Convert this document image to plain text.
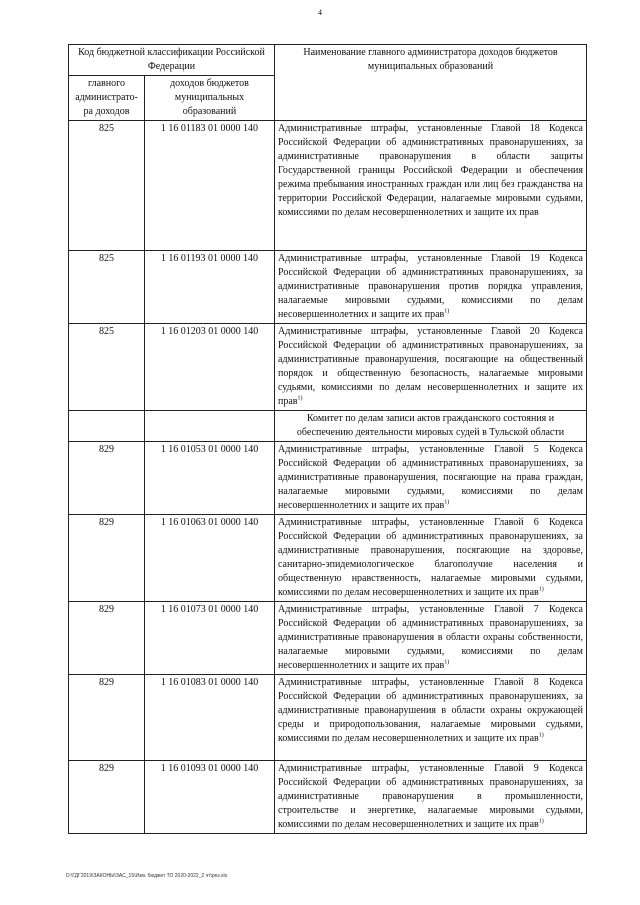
4
Код бюджетной классификации Российской Федерации		Наименование главного администратора доходов бюджетов муниципальных образований
главного администрато-ра доходов	доходов бюджетов муниципальных образований	
825	1 16 01183 01 0000 140	Административные штрафы, установленные Главой 18 Кодекса Российской Федерации об административных правонарушениях, за административные правонарушения в области защиты Государственной границы Российской Федерации и обеспечения режима пребывания иностранных граждан или лиц без гражданства на территории Российской Федерации, налагаемые мировыми судьями, комиссиями по делам несовершеннолетних и защите их прав
825	1 16 01193 01 0000 140	Административные штрафы, установленные Главой 19 Кодекса Российской Федерации об административных правонарушениях, за административные правонарушения против порядка управления, налагаемые мировыми судьями, комиссиями по делам несовершеннолетних и защите их прав$^{1)}$
825	1 16 01203 01 0000 140	Административные штрафы, установленные Главой 20 Кодекса Российской Федерации об административных правонарушениях, за административные правонарушения, посягающие на общественный порядок и общественную безопасность, налагаемые мировыми судьями, комиссиями по делам несовершеннолетних и защите их прав$^{1)}$
		Комитет по делам записи актов гражданского состояния и обеспечению деятельности мировых судей в Тульской области
829	1 16 01053 01 0000 140	Административные штрафы, установленные Главой 5 Кодекса Российской Федерации об административных правонарушениях, за административные правонарушения, посягающие на права граждан, налагаемые мировыми судьями, комиссиями по делам несовершеннолетних и защите их прав$^{1)}$
829	1 16 01063 01 0000 140	Административные штрафы, установленные Главой 6 Кодекса Российской Федерации об административных правонарушениях, за административные правонарушения, посягающие на здоровье, санитарно-эпидемиологическое благополучие населения и общественную нравственность, налагаемые мировыми судьями, комиссиями по делам несовершеннолетних и защите их прав$^{1)}$
829	1 16 01073 01 0000 140	Административные штрафы, установленные Главой 7 Кодекса Российской Федерации об административных правонарушениях, за административные правонарушения в области охраны собственности, налагаемые мировыми судьями, комиссиями по делам несовершеннолетних и защите их прав$^{1)}$
829	1 16 01083 01 0000 140	Административные штрафы, установленные Главой 8 Кодекса Российской Федерации об административных правонарушениях, за административные правонарушения в области охраны окружающей среды и природопользования, налагаемые мировыми судьями, комиссиями по делам несовершеннолетних и защите их прав$^{1)}$
829	1 16 01093 01 0000 140	Административные штрафы, установленные Главой 9 Кодекса Российской Федерации об административных правонарушениях, за административные правонарушения в промышленности, строительстве и энергетике, налагаемые мировыми судьями, комиссиями по делам несовершеннолетних и защите их прав$^{1)}$
D:\ГДГ2019\ЗАКОНЫ\ЗАС_15\Изм. бюджет ТО 2020-2022_2 чт\рез.xls
